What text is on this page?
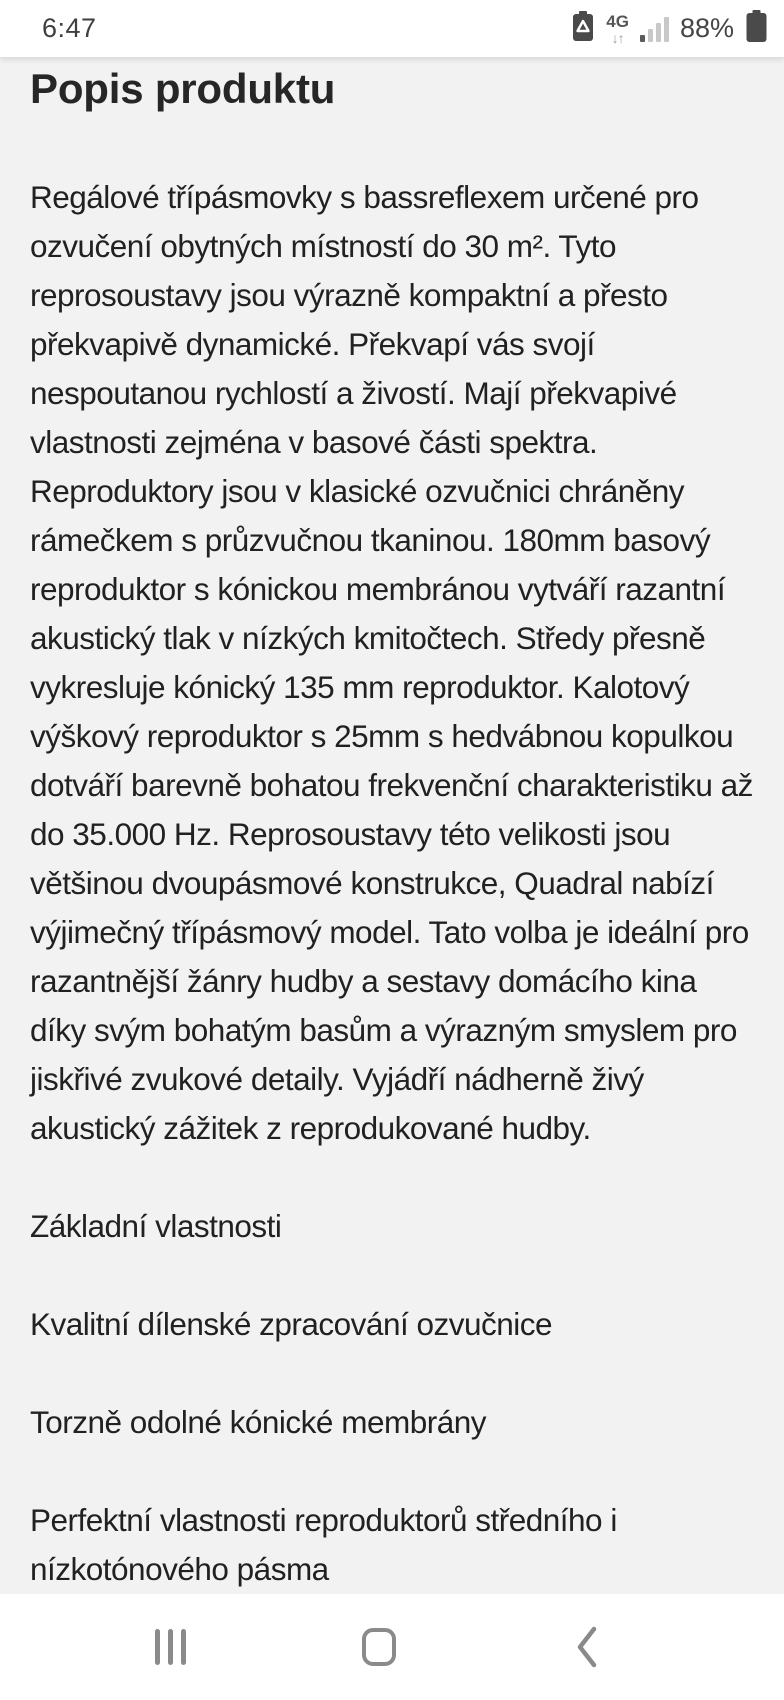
6:47	4G
↓↑ 88%
Popis produktu

Regálové třípásmovky s bassreflexem určené pro ozvučení obytných místností do 30 m². Tyto reprosoustavy jsou výrazně kompaktní a přesto překvapivě dynamické. Překvapí vás svojí nespoutanou rychlostí a živostí. Mají překvapivé vlastnosti zejména v basové části spektra. Reproduktory jsou v klasické ozvučnici chráněny rámečkem s průzvučnou tkaninou. 180mm basový reproduktor s kónickou membránou vytváří razantní akustický tlak v nízkých kmitočtech. Středy přesně vykresluje kónický 135 mm reproduktor. Kalotový výškový reproduktor s 25mm s hedvábnou kopulkou dotváří barevně bohatou frekvenční charakteristiku až do 35.000 Hz. Reprosoustavy této velikosti jsou většinou dvoupásmové konstrukce, Quadral nabízí výjimečný třípásmový model. Tato volba je ideální pro razantnější žánry hudby a sestavy domácího kina díky svým bohatým basům a výrazným smyslem pro jiskřivé zvukové detaily. Vyjádří nádherně živý akustický zážitek z reprodukované hudby.

Základní vlastnosti

Kvalitní dílenské zpracování ozvučnice

Torzně odolné kónické membrány

Perfektní vlastnosti reproduktorů středního i nízkotónového pásma
